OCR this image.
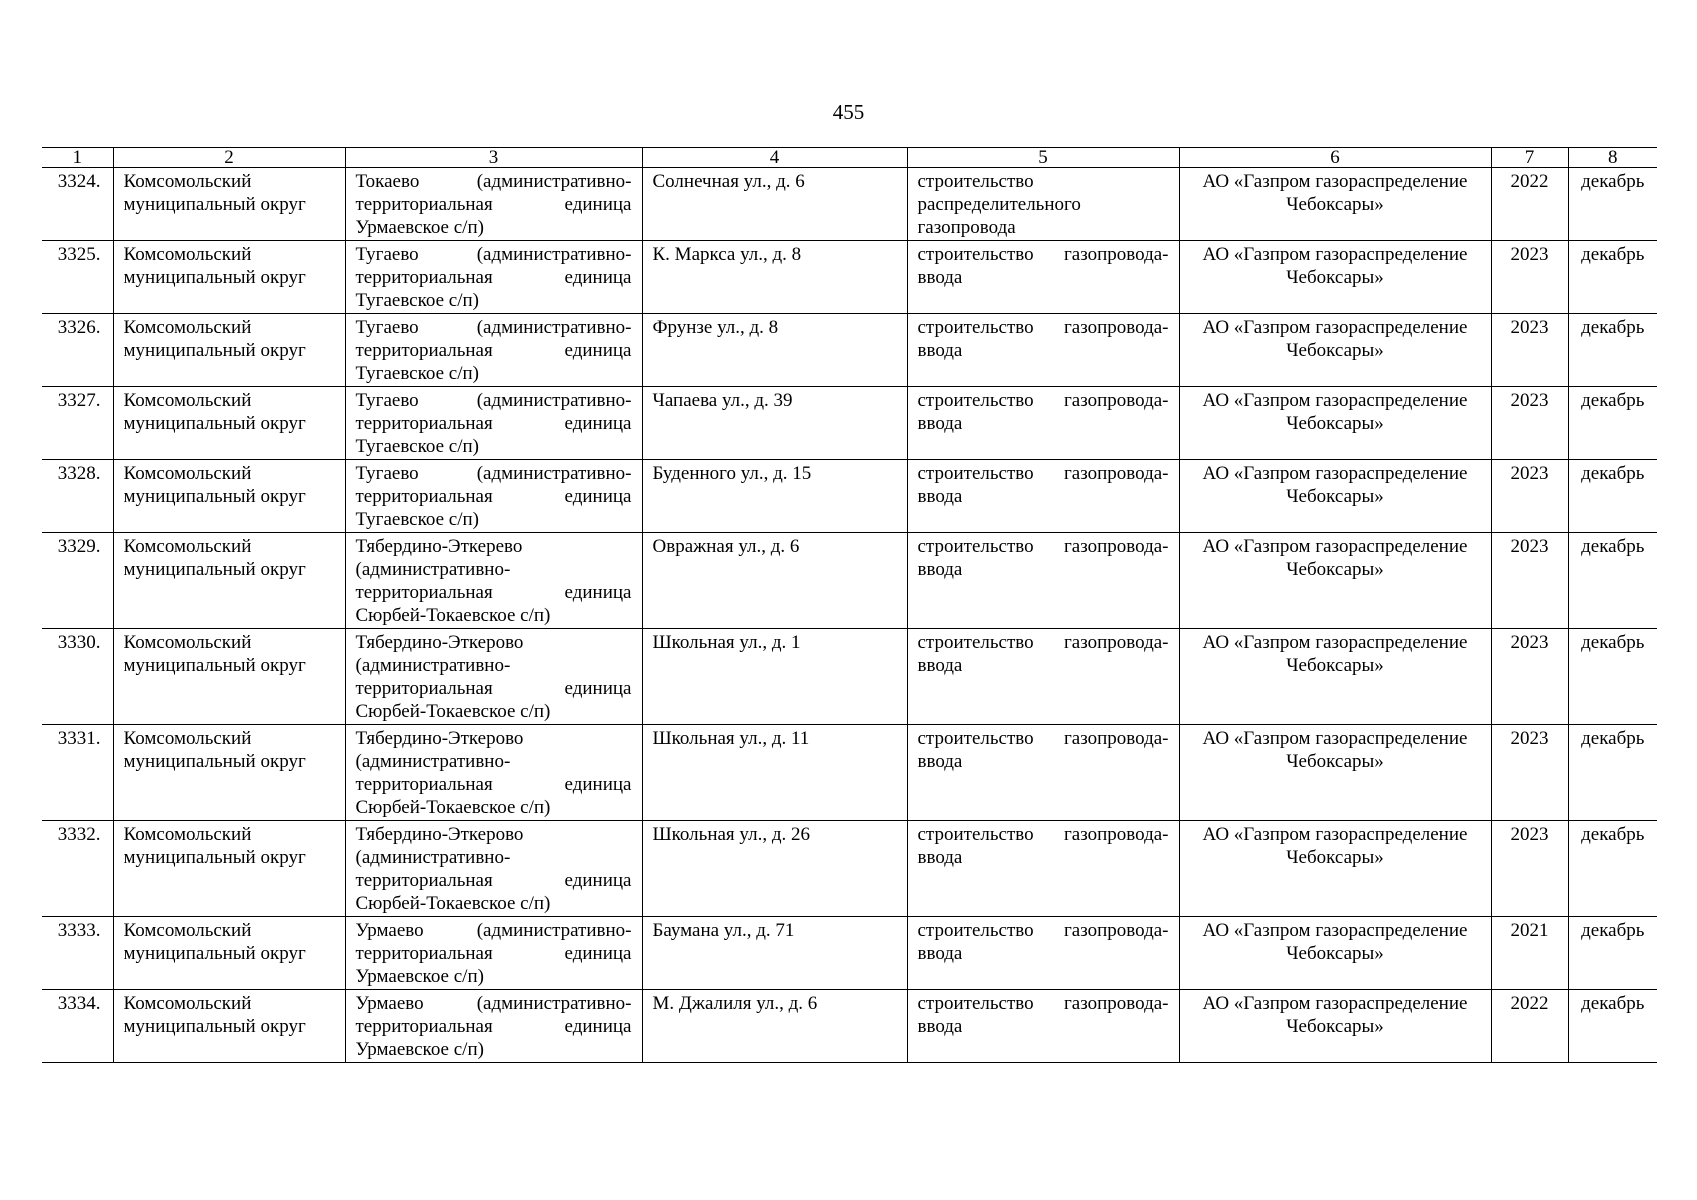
455
1	2	3	4	5	6	7	8
3324.	Комсомольский муниципальный округ	Токаево (административно-территориальная единица Урмаевское с/п)	Солнечная ул., д. 6	строительство распределительного газопровода	АО «Газпром газораспределение Чебоксары»	2022	декабрь
3325.	Комсомольский муниципальный округ	Тугаево (административно-территориальная единица Тугаевское с/п)	К. Маркса ул., д. 8	строительство газопровода-ввода	АО «Газпром газораспределение Чебоксары»	2023	декабрь
3326.	Комсомольский муниципальный округ	Тугаево (административно-территориальная единица Тугаевское с/п)	Фрунзе ул., д. 8	строительство газопровода-ввода	АО «Газпром газораспределение Чебоксары»	2023	декабрь
3327.	Комсомольский муниципальный округ	Тугаево (административно-территориальная единица Тугаевское с/п)	Чапаева ул., д. 39	строительство газопровода-ввода	АО «Газпром газораспределение Чебоксары»	2023	декабрь
3328.	Комсомольский муниципальный округ	Тугаево (административно-территориальная единица Тугаевское с/п)	Буденного ул., д. 15	строительство газопровода-ввода	АО «Газпром газораспределение Чебоксары»	2023	декабрь
3329.	Комсомольский муниципальный округ	Тябердино-Эткерево (административно-территориальная единица Сюрбей-Токаевское с/п)	Овражная ул., д. 6	строительство газопровода-ввода	АО «Газпром газораспределение Чебоксары»	2023	декабрь
3330.	Комсомольский муниципальный округ	Тябердино-Эткерово (административно-территориальная единица Сюрбей-Токаевское с/п)	Школьная ул., д. 1	строительство газопровода-ввода	АО «Газпром газораспределение Чебоксары»	2023	декабрь
3331.	Комсомольский муниципальный округ	Тябердино-Эткерово (административно-территориальная единица Сюрбей-Токаевское с/п)	Школьная ул., д. 11	строительство газопровода-ввода	АО «Газпром газораспределение Чебоксары»	2023	декабрь
3332.	Комсомольский муниципальный округ	Тябердино-Эткерово (административно-территориальная единица Сюрбей-Токаевское с/п)	Школьная ул., д. 26	строительство газопровода-ввода	АО «Газпром газораспределение Чебоксары»	2023	декабрь
3333.	Комсомольский муниципальный округ	Урмаево (административно-территориальная единица Урмаевское с/п)	Баумана ул., д. 71	строительство газопровода-ввода	АО «Газпром газораспределение Чебоксары»	2021	декабрь
3334.	Комсомольский муниципальный округ	Урмаево (административно-территориальная единица Урмаевское с/п)	М. Джалиля ул., д. 6	строительство газопровода-ввода	АО «Газпром газораспределение Чебоксары»	2022	декабрь
